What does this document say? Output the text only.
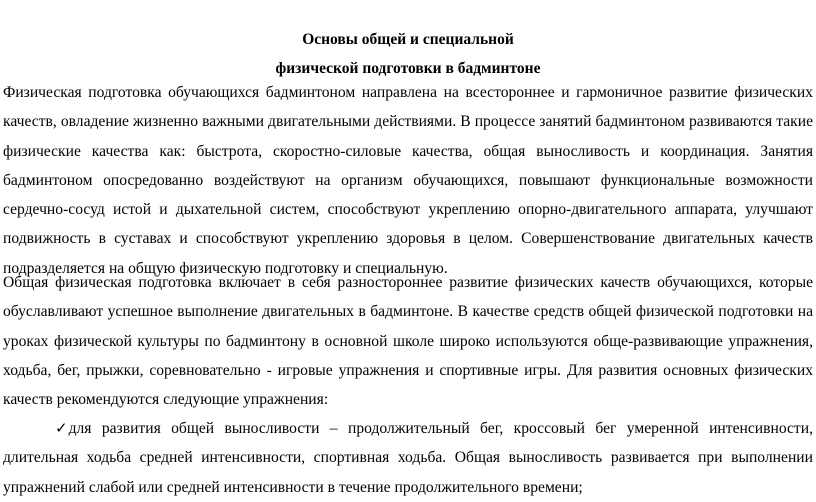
Основы общей и специальной

физической подготовки в бадминтоне

Физическая подготовка обучающихся бадминтоном направлена на всестороннее и гармоничное развитие физических качеств, овладение жизненно важными двигательными действиями. В процессе занятий бадминтоном развиваются такие физические качества как: быстрота, скоростно-силовые качества, общая выносливость и координация. Занятия бадминтоном опосредованно воздействуют на организм обучающихся, повышают функциональные возможности сердечно-сосуд истой и дыхательной систем, способствуют укреплению опорно-двигательного аппарата, улучшают подвижность в суставах и способствуют укреплению здоровья в целом. Совершенствование двигательных качеств подразделяется на общую физическую подготовку и специальную.

Общая физическая подготовка включает в себя разностороннее развитие физических качеств обучающихся, которые обуславливают успешное выполнение двигательных в бадминтоне. В качестве средств общей физической подготовки на уроках физической культуры по бадминтону в основной школе широко используются обще-развивающие упражнения, ходьба, бег, прыжки, соревновательно - игровые упражнения и спортивные игры. Для развития основных физических качеств рекомендуются следующие упражнения:

✓для развития общей выносливости – продолжительный бег, кроссовый бег умеренной интенсивности, длительная ходьба средней интенсивности, спортивная ходьба. Общая выносливость развивается при выполнении упражнений слабой или средней интенсивности в течение продолжительного времени;
